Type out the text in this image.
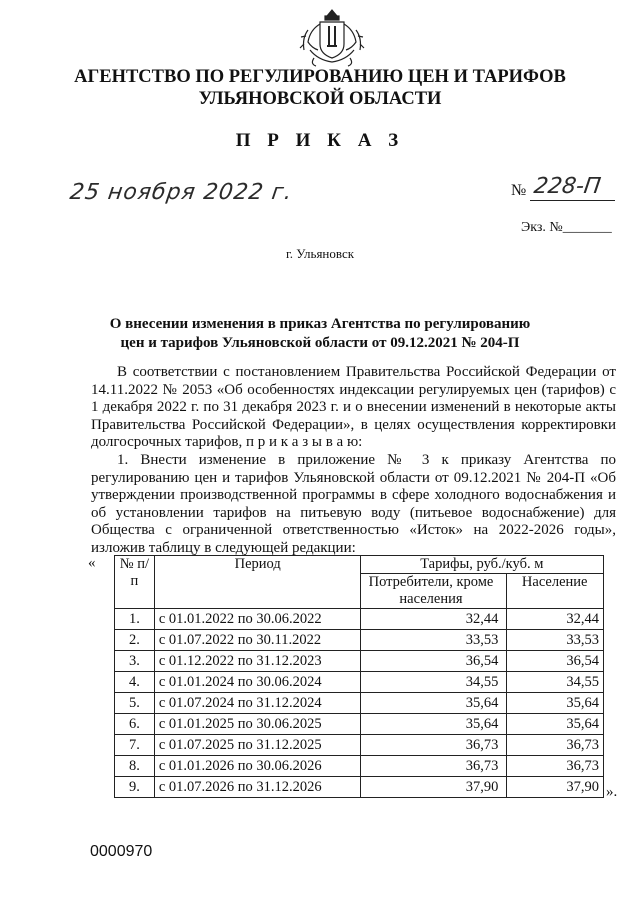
АГЕНТСТВО ПО РЕГУЛИРОВАНИЮ ЦЕН И ТАРИФОВ
УЛЬЯНОВСКОЙ ОБЛАСТИ
П Р И К А З
25 ноября 2022 г.	№ 228-П
Экз. №_______
г. Ульяновск
О внесении изменения в приказ Агентства по регулированию
цен и тарифов Ульяновской области от 09.12.2021 № 204-П
В соответствии с постановлением Правительства Российской Федерации от 14.11.2022 № 2053 «Об особенностях индексации регулируемых цен (тарифов) с 1 декабря 2022 г. по 31 декабря 2023 г. и о внесении изменений в некоторые акты Правительства Российской Федерации», в целях осуществления корректировки долгосрочных тарифов, п р и к а з ы в а ю:
1. Внести изменение в приложение № 3 к приказу Агентства по регулированию цен и тарифов Ульяновской области от 09.12.2021 № 204-П «Об утверждении производственной программы в сфере холодного водоснабжения и об установлении тарифов на питьевую воду (питьевое водоснабжение) для Общества с ограниченной ответственностью «Исток» на 2022-2026 годы», изложив таблицу в следующей редакции:
« № п/п	Период	Тарифы, руб./куб. м	
		Потребители, кроме населения	Население
1.	с 01.01.2022 по 30.06.2022	32,44	32,44
2.	с 01.07.2022 по 30.11.2022	33,53	33,53
3.	с 01.12.2022 по 31.12.2023	36,54	36,54
4.	с 01.01.2024 по 30.06.2024	34,55	34,55
5.	с 01.07.2024 по 31.12.2024	35,64	35,64
6.	с 01.01.2025 по 30.06.2025	35,64	35,64
7.	с 01.07.2025 по 31.12.2025	36,73	36,73
8.	с 01.01.2026 по 30.06.2026	36,73	36,73
9.	с 01.07.2026 по 31.12.2026	37,90	37,90 ».
0000970
